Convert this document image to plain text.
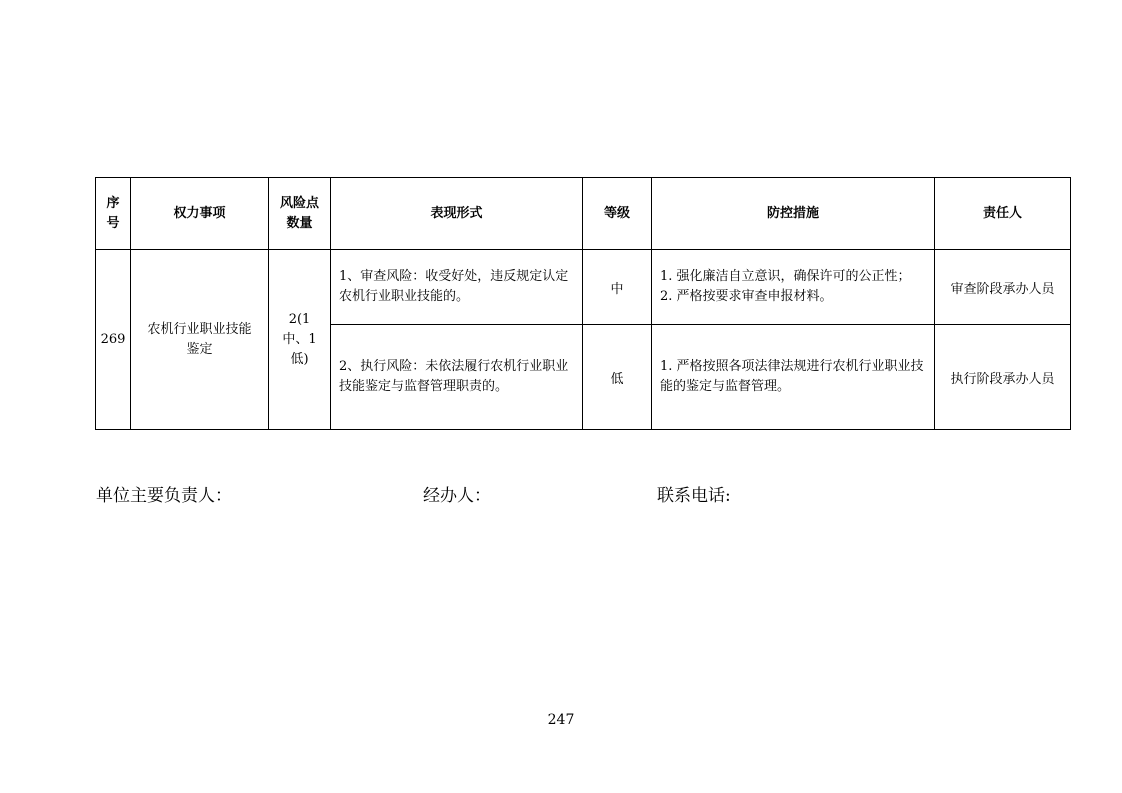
序号	权力事项	风险点数量	表现形式	等级	防控措施	责任人
269	农机行业职业技能鉴定	2(1 中、1 低)	1、审查风险：收受好处，违反规定认定农机行业职业技能的。	中	1. 强化廉洁自立意识，确保许可的公正性；
2. 严格按要求审查申报材料。	审查阶段承办人员
			2、执行风险：未依法履行农机行业职业技能鉴定与监督管理职责的。	低	1. 严格按照各项法律法规进行农机行业职业技能的鉴定与监督管理。	执行阶段承办人员
单位主要负责人：	经办人：	联系电话:
247
